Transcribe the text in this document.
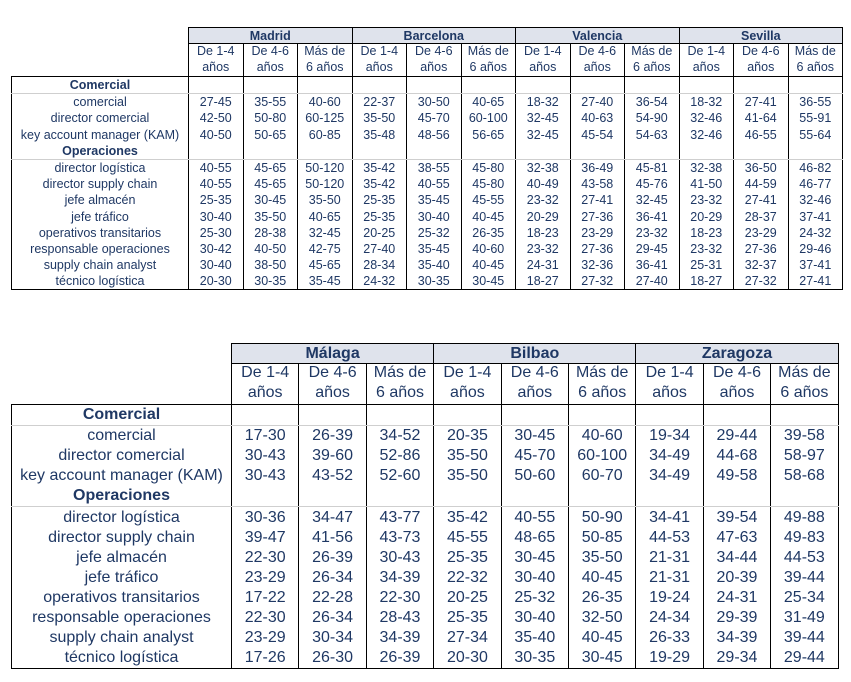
	Madrid			Barcelona			Valencia			Sevilla		
	De 1-4	De 4-6	Más de	De 1-4	De 4-6	Más de	De 1-4	De 4-6	Más de	De 1-4	De 4-6	Más de
	años	años	6 años	años	años	6 años	años	años	6 años	años	años	6 años
Comercial												
comercial	27-45	35-55	40-60	22-37	30-50	40-65	18-32	27-40	36-54	18-32	27-41	36-55
director comercial	42-50	50-80	60-125	35-50	45-70	60-100	32-45	40-63	54-90	32-46	41-64	55-91
key account manager (KAM)	40-50	50-65	60-85	35-48	48-56	56-65	32-45	45-54	54-63	32-46	46-55	55-64
Operaciones												
director logística	40-55	45-65	50-120	35-42	38-55	45-80	32-38	36-49	45-81	32-38	36-50	46-82
director supply chain	40-55	45-65	50-120	35-42	40-55	45-80	40-49	43-58	45-76	41-50	44-59	46-77
jefe almacén	25-35	30-45	35-50	25-35	35-45	45-55	23-32	27-41	32-45	23-32	27-41	32-46
jefe tráfico	30-40	35-50	40-65	25-35	30-40	40-45	20-29	27-36	36-41	20-29	28-37	37-41
operativos transitarios	25-30	28-38	32-45	20-25	25-32	26-35	18-23	23-29	23-32	18-23	23-29	24-32
responsable operaciones	30-42	40-50	42-75	27-40	35-45	40-60	23-32	27-36	29-45	23-32	27-36	29-46
supply chain analyst	30-40	38-50	45-65	28-34	35-40	40-45	24-31	32-36	36-41	25-31	32-37	37-41
técnico logística	20-30	30-35	35-45	24-32	30-35	30-45	18-27	27-32	27-40	18-27	27-32	27-41
	Málaga			Bilbao			Zaragoza		
	De 1-4	De 4-6	Más de	De 1-4	De 4-6	Más de	De 1-4	De 4-6	Más de
	años	años	6 años	años	años	6 años	años	años	6 años
Comercial									
comercial	17-30	26-39	34-52	20-35	30-45	40-60	19-34	29-44	39-58
director comercial	30-43	39-60	52-86	35-50	45-70	60-100	34-49	44-68	58-97
key account manager (KAM)	30-43	43-52	52-60	35-50	50-60	60-70	34-49	49-58	58-68
Operaciones									
director logística	30-36	34-47	43-77	35-42	40-55	50-90	34-41	39-54	49-88
director supply chain	39-47	41-56	43-73	45-55	48-65	50-85	44-53	47-63	49-83
jefe almacén	22-30	26-39	30-43	25-35	30-45	35-50	21-31	34-44	44-53
jefe tráfico	23-29	26-34	34-39	22-32	30-40	40-45	21-31	20-39	39-44
operativos transitarios	17-22	22-28	22-30	20-25	25-32	26-35	19-24	24-31	25-34
responsable operaciones	22-30	26-34	28-43	25-35	30-40	32-50	24-34	29-39	31-49
supply chain analyst	23-29	30-34	34-39	27-34	35-40	40-45	26-33	34-39	39-44
técnico logística	17-26	26-30	26-39	20-30	30-35	30-45	19-29	29-34	29-44
